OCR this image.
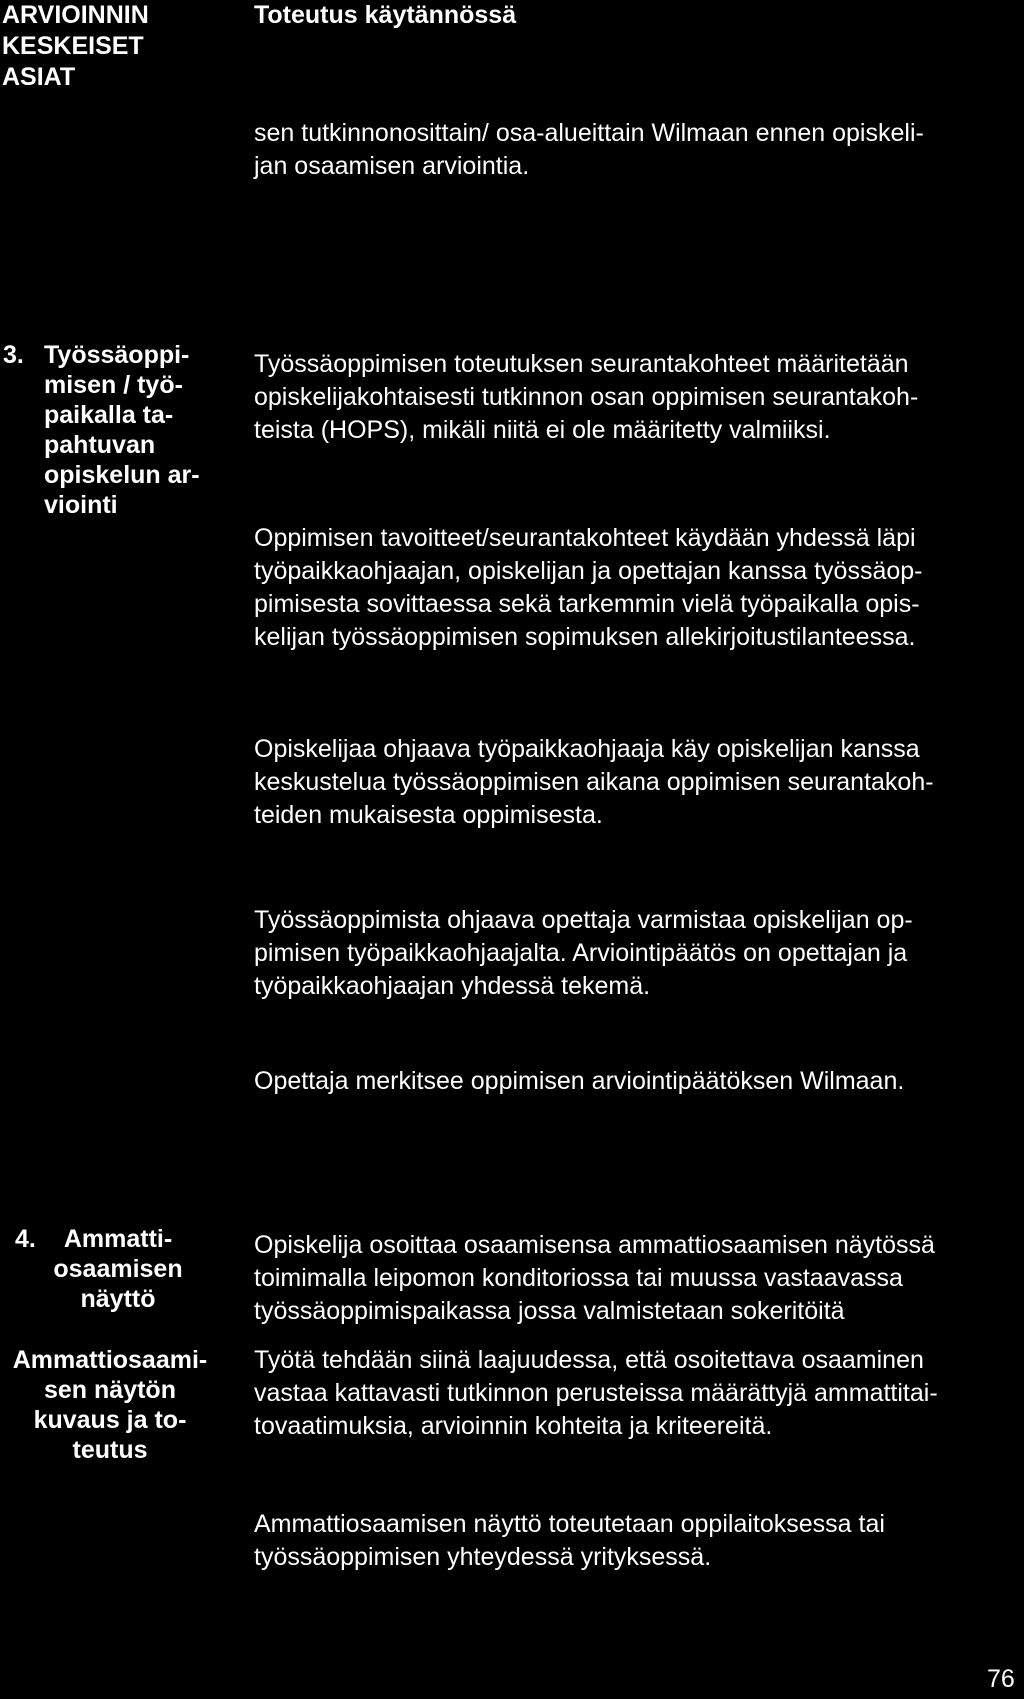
ARVIOINNIN
KESKEISET
ASIAT

Toteutus käytännössä

sen tutkinnonosittain/ osa-alueittain Wilmaan ennen opiskeli-
jan osaamisen arviointia.

3. Työssäoppi-
misen / työ-
paikalla ta-
pahtuvan
opiskelun ar-
viointi

Työssäoppimisen toteutuksen seurantakohteet määritetään
opiskelijakohtaisesti tutkinnon osan oppimisen seurantakoh-
teista (HOPS), mikäli niitä ei ole määritetty valmiiksi.

Oppimisen tavoitteet/seurantakohteet käydään yhdessä läpi
työpaikkaohjaajan, opiskelijan ja opettajan kanssa työssäop-
pimisesta sovittaessa sekä tarkemmin vielä työpaikalla opis-
kelijan työssäoppimisen sopimuksen allekirjoitustilanteessa.

Opiskelijaa ohjaava työpaikkaohjaaja käy opiskelijan kanssa
keskustelua työssäoppimisen aikana oppimisen seurantakoh-
teiden mukaisesta oppimisesta.

Työssäoppimista ohjaava opettaja varmistaa opiskelijan op-
pimisen työpaikkaohjaajalta. Arviointipäätös on opettajan ja
työpaikkaohjaajan yhdessä tekemä.

Opettaja merkitsee oppimisen arviointipäätöksen Wilmaan.

4.	Ammatti-
osaamisen
näyttö

Ammattiosaami-
sen näytön
kuvaus ja to-
teutus

Opiskelija osoittaa osaamisensa ammattiosaamisen näytössä
toimimalla leipomon konditoriossa tai muussa vastaavassa
työssäoppimispaikassa jossa valmistetaan sokeritöitä

Työtä tehdään siinä laajuudessa, että osoitettava osaaminen
vastaa kattavasti tutkinnon perusteissa määrättyjä ammattitai-
tovaatimuksia, arvioinnin kohteita ja kriteereitä.

Ammattiosaamisen näyttö toteutetaan oppilaitoksessa tai
työssäoppimisen yhteydessä yrityksessä.

76
